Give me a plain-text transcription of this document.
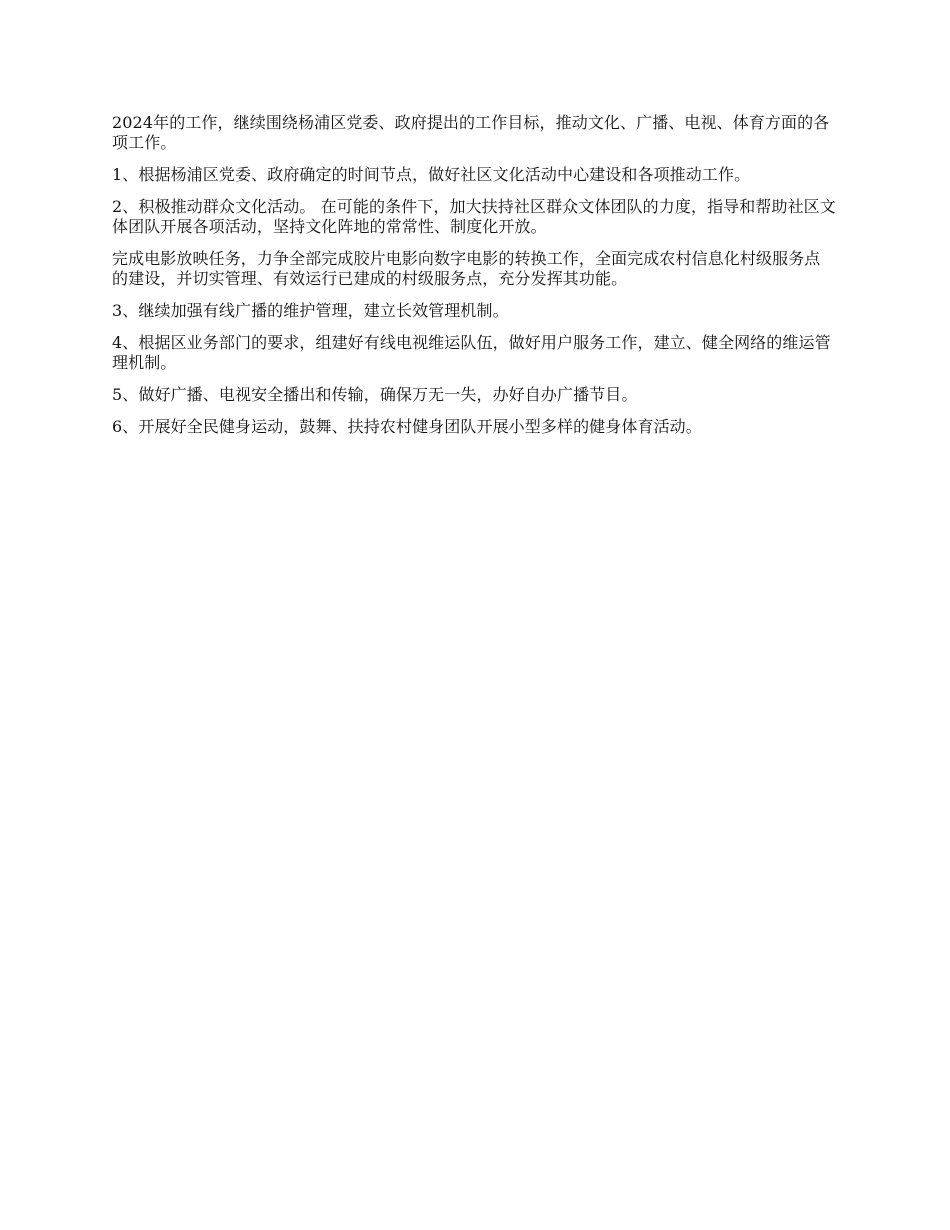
2024年的工作，继续围绕杨浦区党委、政府提出的工作目标，推动文化、广播、电视、体育方面的各项工作。

1、根据杨浦区党委、政府确定的时间节点，做好社区文化活动中心建设和各项推动工作。

2、积极推动群众文化活动。 在可能的条件下，加大扶持社区群众文体团队的力度，指导和帮助社区文体团队开展各项活动，坚持文化阵地的常常性、制度化开放。

完成电影放映任务，力争全部完成胶片电影向数字电影的转换工作，全面完成农村信息化村级服务点的建设，并切实管理、有效运行已建成的村级服务点，充分发挥其功能。

3、继续加强有线广播的维护管理，建立长效管理机制。

4、根据区业务部门的要求，组建好有线电视维运队伍，做好用户服务工作，建立、健全网络的维运管理机制。

5、做好广播、电视安全播出和传输，确保万无一失，办好自办广播节目。

6、开展好全民健身运动，鼓舞、扶持农村健身团队开展小型多样的健身体育活动。
